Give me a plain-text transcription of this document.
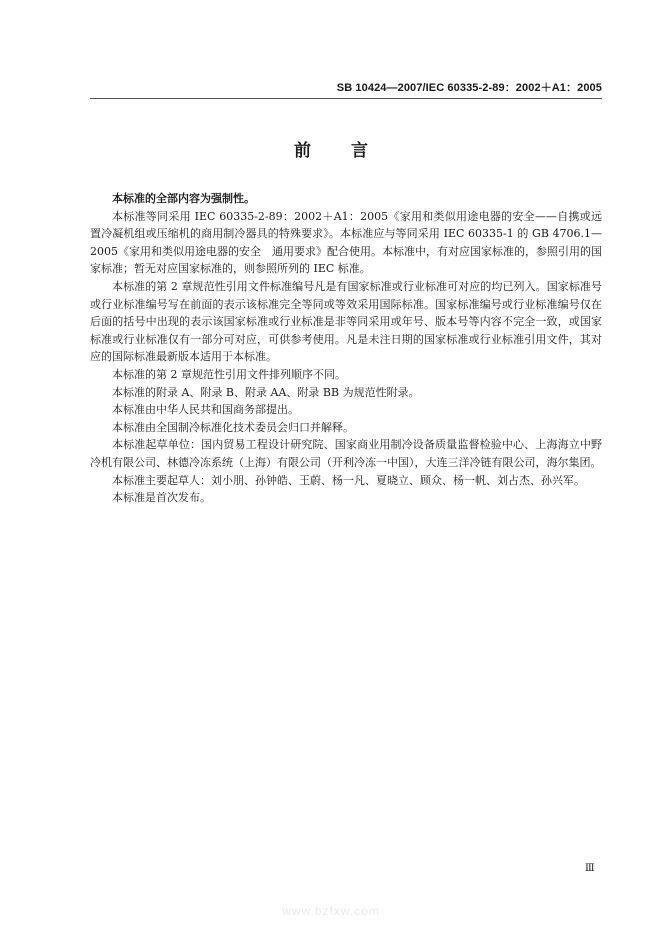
SB 10424—2007/IEC 60335-2-89：2002＋A1：2005
前言

本标准的全部内容为强制性。

本标准等同采用 IEC 60335-2-89：2002＋A1：2005《家用和类似用途电器的安全——自携或远置冷凝机组或压缩机的商用制冷器具的特殊要求》。本标准应与等同采用 IEC 60335-1 的 GB 4706.1—2005《家用和类似用途电器的安全　通用要求》配合使用。本标准中，有对应国家标准的，参照引用的国家标准；暂无对应国家标准的，则参照所列的 IEC 标准。

本标准的第 2 章规范性引用文件标准编号凡是有国家标准或行业标准可对应的均已列入。国家标准号或行业标准编号写在前面的表示该标准完全等同或等效采用国际标准。国家标准编号或行业标准编号仅在后面的括号中出现的表示该国家标准或行业标准是非等同采用或年号、版本号等内容不完全一致，或国家标准或行业标准仅有一部分可对应，可供参考使用。凡是未注日期的国家标准或行业标准引用文件，其对应的国际标准最新版本适用于本标准。

本标准的第 2 章规范性引用文件排列顺序不同。

本标准的附录 A、附录 B、附录 AA、附录 BB 为规范性附录。

本标准由中华人民共和国商务部提出。

本标准由全国制冷标准化技术委员会归口并解释。

本标准起草单位：国内贸易工程设计研究院、国家商业用制冷设备质量监督检验中心、上海海立中野冷机有限公司、林德冷冻系统（上海）有限公司（开利冷冻一中国），大连三洋冷链有限公司，海尔集团。

本标准主要起草人：刘小朋、孙钟皓、王蔚、杨一凡、夏晓立、顾众、杨一帆、刘占杰、孙兴军。

本标准是首次发布。

Ⅲ
www.bzfxw.com
